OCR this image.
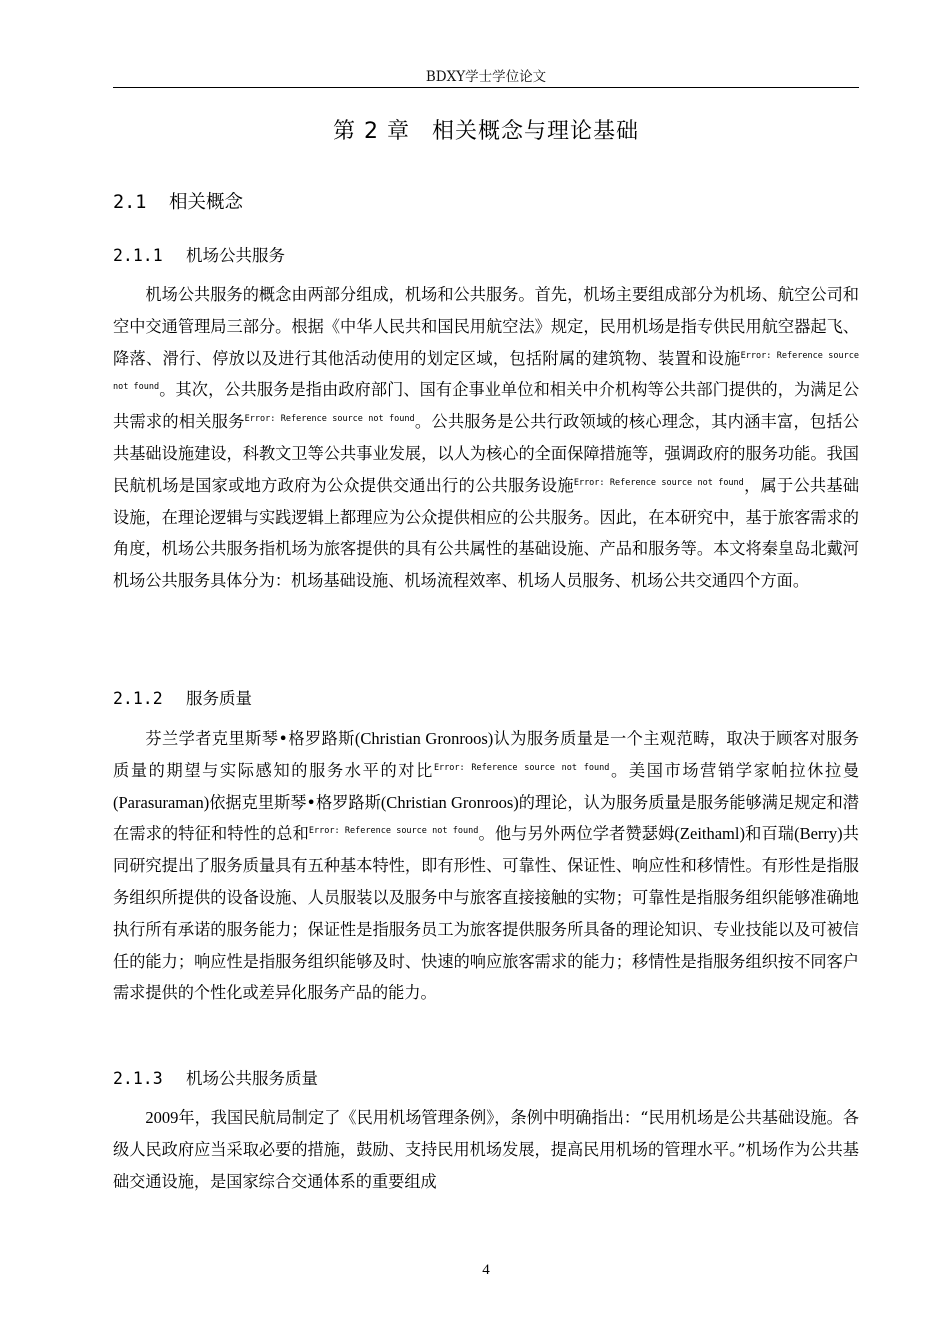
BDXY学士学位论文
第 2 章 相关概念与理论基础
2.1 相关概念
2.1.1 机场公共服务

机场公共服务的概念由两部分组成，机场和公共服务。首先，机场主要组成部分为机场、航空公司和空中交通管理局三部分。根据《中华人民共和国民用航空法》规定，民用机场是指专供民用航空器起飞、降落、滑行、停放以及进行其他活动使用的划定区域，包括附属的建筑物、装置和设施$^{Error: Reference source not found}$。其次，公共服务是指由政府部门、国有企事业单位和相关中介机构等公共部门提供的，为满足公共需求的相关服务$^{Error: Reference source not found}$。公共服务是公共行政领域的核心理念，其内涵丰富，包括公共基础设施建设，科教文卫等公共事业发展，以人为核心的全面保障措施等，强调政府的服务功能。我国民航机场是国家或地方政府为公众提供交通出行的公共服务设施$^{Error: Reference source not found}$，属于公共基础设施，在理论逻辑与实践逻辑上都理应为公众提供相应的公共服务。因此，在本研究中，基于旅客需求的角度，机场公共服务指机场为旅客提供的具有公共属性的基础设施、产品和服务等。本文将秦皇岛北戴河机场公共服务具体分为：机场基础设施、机场流程效率、机场人员服务、机场公共交通四个方面。

2.1.2 服务质量

芬兰学者克里斯琴•格罗路斯(Christian Gronroos)认为服务质量是一个主观范畴，取决于顾客对服务质量的期望与实际感知的服务水平的对比$^{Error: Reference source not found}$。美国市场营销学家帕拉休拉曼(Parasuraman)依据克里斯琴•格罗路斯(Christian Gronroos)的理论，认为服务质量是服务能够满足规定和潜在需求的特征和特性的总和$^{Error: Reference source not found}$。他与另外两位学者赞瑟姆(Zeithaml)和百瑞(Berry)共同研究提出了服务质量具有五种基本特性，即有形性、可靠性、保证性、响应性和移情性。有形性是指服务组织所提供的设备设施、人员服装以及服务中与旅客直接接触的实物；可靠性是指服务组织能够准确地执行所有承诺的服务能力；保证性是指服务员工为旅客提供服务所具备的理论知识、专业技能以及可被信任的能力；响应性是指服务组织能够及时、快速的响应旅客需求的能力；移情性是指服务组织按不同客户需求提供的个性化或差异化服务产品的能力。

2.1.3 机场公共服务质量

2009年，我国民航局制定了《民用机场管理条例》，条例中明确指出：“民用机场是公共基础设施。各级人民政府应当采取必要的措施，鼓励、支持民用机场发展，提高民用机场的管理水平。”机场作为公共基础交通设施，是国家综合交通体系的重要组成

4
